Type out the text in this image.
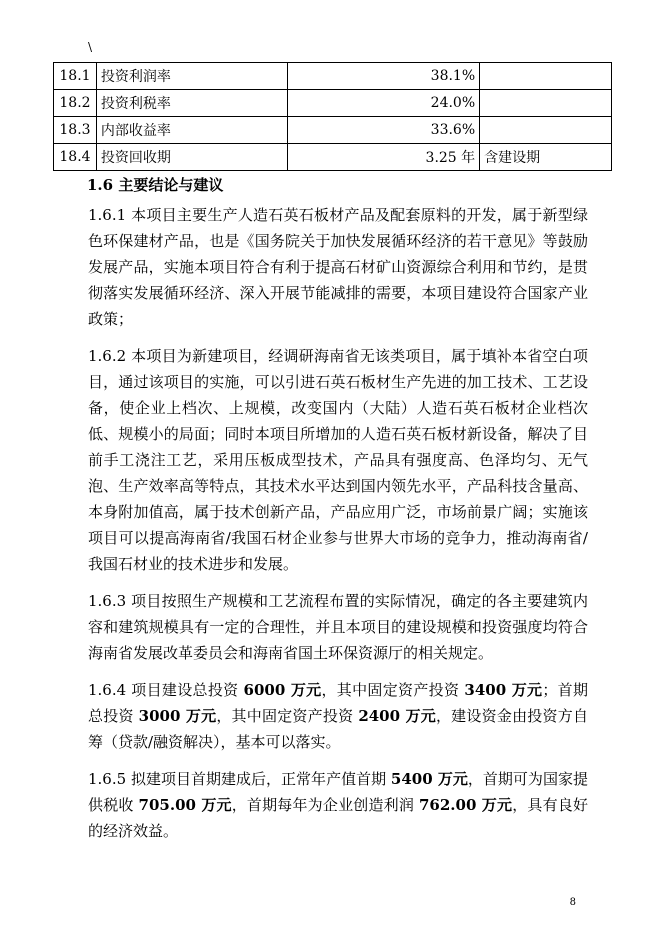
\
18.1	投资利润率	38.1%	
18.2	投资利税率	24.0%	
18.3	内部收益率	33.6%	
18.4	投资回收期	3.25 年	含建设期
1.6 主要结论与建议

1.6.1 本项目主要生产人造石英石板材产品及配套原料的开发，属于新型绿色环保建材产品，也是《国务院关于加快发展循环经济的若干意见》等鼓励发展产品，实施本项目符合有利于提高石材矿山资源综合利用和节约，是贯彻落实发展循环经济、深入开展节能减排的需要，本项目建设符合国家产业政策；

1.6.2 本项目为新建项目，经调研海南省无该类项目，属于填补本省空白项目，通过该项目的实施，可以引进石英石板材生产先进的加工技术、工艺设备，使企业上档次、上规模，改变国内（大陆）人造石英石板材企业档次低、规模小的局面；同时本项目所增加的人造石英石板材新设备，解决了目前手工浇注工艺，采用压板成型技术，产品具有强度高、色泽均匀、无气泡、生产效率高等特点，其技术水平达到国内领先水平，产品科技含量高、本身附加值高，属于技术创新产品，产品应用广泛，市场前景广阔；实施该项目可以提高海南省/我国石材企业参与世界大市场的竞争力，推动海南省/我国石材业的技术进步和发展。

1.6.3 项目按照生产规模和工艺流程布置的实际情况，确定的各主要建筑内容和建筑规模具有一定的合理性，并且本项目的建设规模和投资强度均符合海南省发展改革委员会和海南省国土环保资源厅的相关规定。

1.6.4 项目建设总投资 6000 万元，其中固定资产投资 3400 万元；首期总投资 3000 万元，其中固定资产投资 2400 万元，建设资金由投资方自筹（贷款/融资解决），基本可以落实。

1.6.5 拟建项目首期建成后，正常年产值首期 5400 万元，首期可为国家提供税收 705.00 万元，首期每年为企业创造利润 762.00 万元，具有良好的经济效益。

8
